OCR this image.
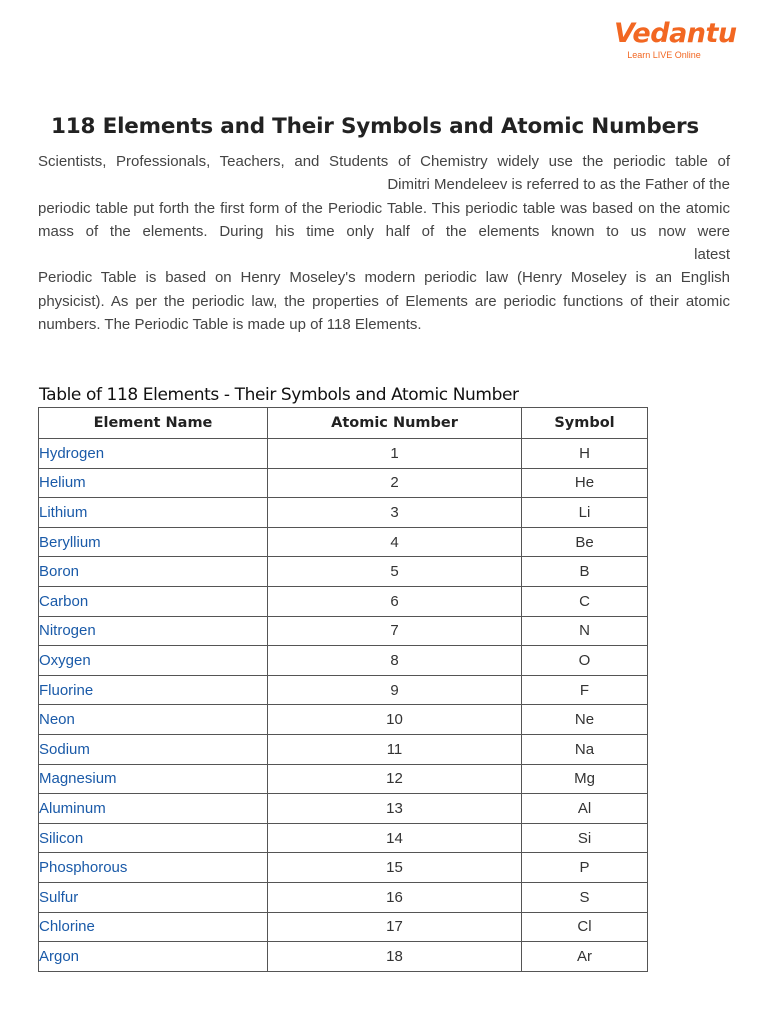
Vedantu
Learn LIVE Online
118 Elements and Their Symbols and Atomic Numbers

Scientists, Professionals, Teachers, and Students of Chemistry widely use the periodic table of

Dimitri Mendeleev is referred to as the Father of the

periodic table put forth the first form of the Periodic Table. This periodic table was based on the atomic mass of the elements. During his time only half of the elements known to us now were

latest

Periodic Table is based on Henry Moseley's modern periodic law (Henry Moseley is an English physicist). As per the periodic law, the properties of Elements are periodic functions of their atomic numbers. The Periodic Table is made up of 118 Elements.

Table of 118 Elements - Their Symbols and Atomic Number
Element Name	Atomic Number	Symbol
Hydrogen	1	H
Helium	2	He
Lithium	3	Li
Beryllium	4	Be
Boron	5	B
Carbon	6	C
Nitrogen	7	N
Oxygen	8	O
Fluorine	9	F
Neon	10	Ne
Sodium	11	Na
Magnesium	12	Mg
Aluminum	13	Al
Silicon	14	Si
Phosphorous	15	P
Sulfur	16	S
Chlorine	17	Cl
Argon	18	Ar
